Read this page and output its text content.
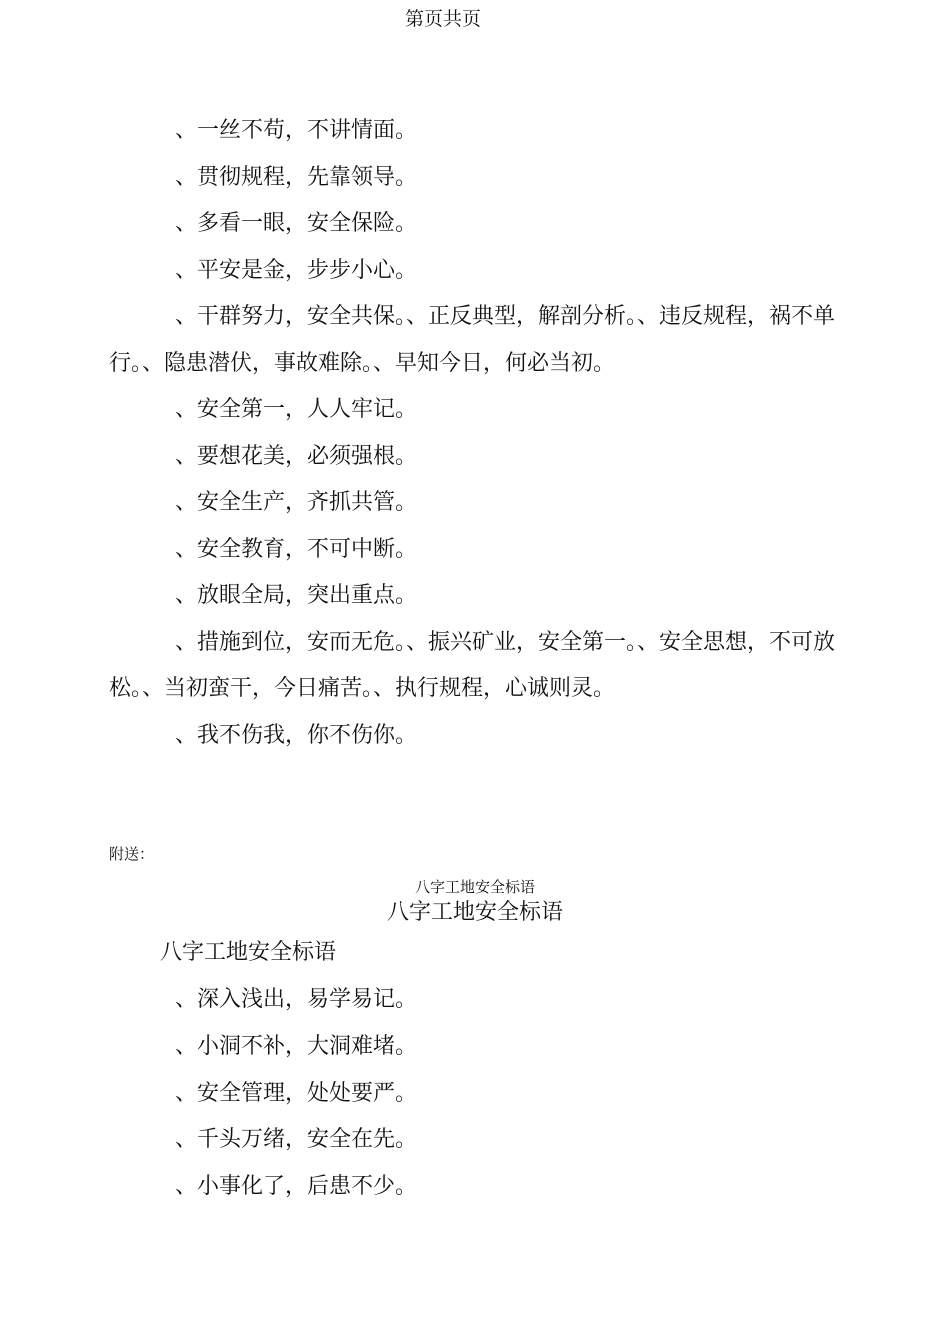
第页共页

、一丝不苟，不讲情面。

、贯彻规程，先靠领导。

、多看一眼，安全保险。

、平安是金，步步小心。

、干群努力，安全共保。、正反典型，解剖分析。、违反规程，祸不单行。、隐患潜伏，事故难除。、早知今日，何必当初。

、安全第一，人人牢记。

、要想花美，必须强根。

、安全生产，齐抓共管。

、安全教育，不可中断。

、放眼全局，突出重点。

、措施到位，安而无危。、振兴矿业，安全第一。、安全思想，不可放松。、当初蛮干，今日痛苦。、执行规程，心诚则灵。

、我不伤我，你不伤你。

附送：
八字工地安全标语
八字工地安全标语
八字工地安全标语

、深入浅出，易学易记。

、小洞不补，大洞难堵。

、安全管理，处处要严。

、千头万绪，安全在先。

、小事化了，后患不少。
